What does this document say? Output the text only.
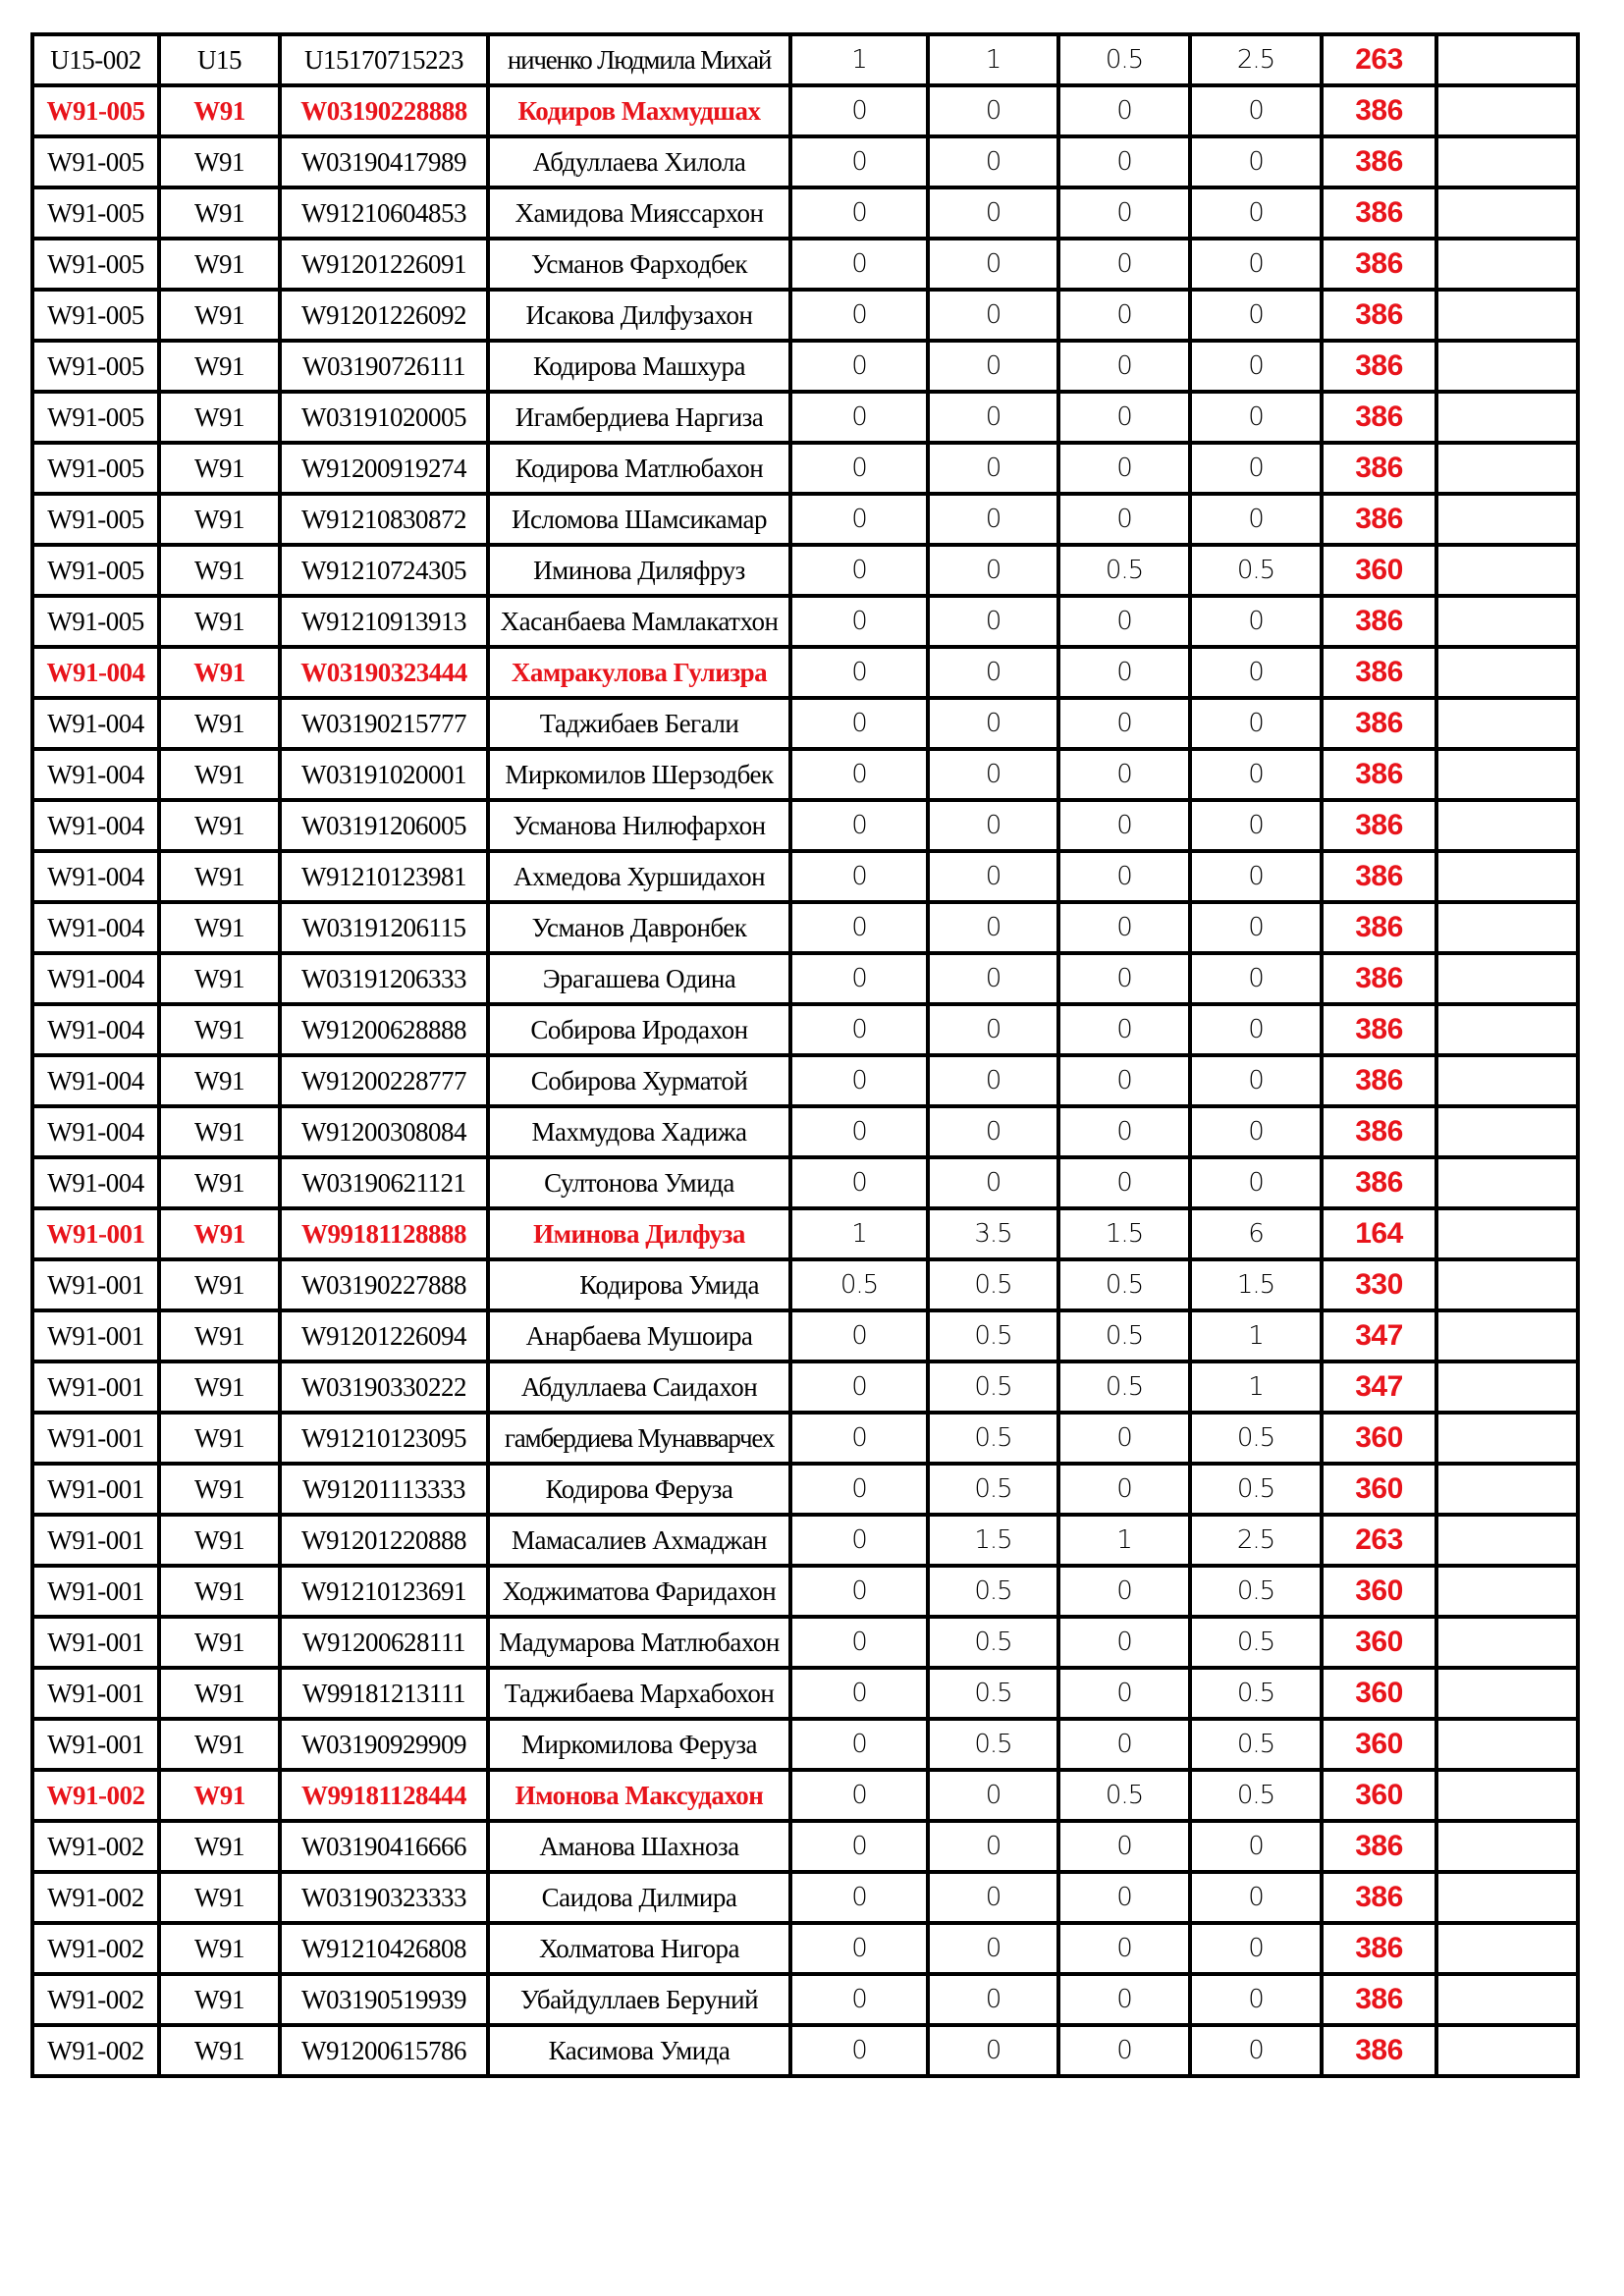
U15-002	U15	U15170715223	ниченко Людмила Михай	1	1	0.5	2.5	263	
W91-005	W91	W03190228888	Кодиров Махмудшах	0	0	0	0	386	
W91-005	W91	W03190417989	Абдуллаева Хилола	0	0	0	0	386	
W91-005	W91	W91210604853	Хамидова Мияссархон	0	0	0	0	386	
W91-005	W91	W91201226091	Усманов Фарходбек	0	0	0	0	386	
W91-005	W91	W91201226092	Исакова Дилфузахон	0	0	0	0	386	
W91-005	W91	W03190726111	Кодирова Машхура	0	0	0	0	386	
W91-005	W91	W03191020005	Игамбердиева Наргиза	0	0	0	0	386	
W91-005	W91	W91200919274	Кодирова Матлюбахон	0	0	0	0	386	
W91-005	W91	W91210830872	Исломова Шамсикамар	0	0	0	0	386	
W91-005	W91	W91210724305	Иминова Диляфруз	0	0	0.5	0.5	360	
W91-005	W91	W91210913913	Хасанбаева Мамлакатхон	0	0	0	0	386	
W91-004	W91	W03190323444	Хамракулова Гулизра	0	0	0	0	386	
W91-004	W91	W03190215777	Таджибаев Бегали	0	0	0	0	386	
W91-004	W91	W03191020001	Миркомилов Шерзодбек	0	0	0	0	386	
W91-004	W91	W03191206005	Усманова Нилюфархон	0	0	0	0	386	
W91-004	W91	W91210123981	Ахмедова Хуршидахон	0	0	0	0	386	
W91-004	W91	W03191206115	Усманов Давронбек	0	0	0	0	386	
W91-004	W91	W03191206333	Эрагашева Одина	0	0	0	0	386	
W91-004	W91	W91200628888	Собирова Иродахон	0	0	0	0	386	
W91-004	W91	W91200228777	Собирова Хурматой	0	0	0	0	386	
W91-004	W91	W91200308084	Махмудова Хадижа	0	0	0	0	386	
W91-004	W91	W03190621121	Султонова Умида	0	0	0	0	386	
W91-001	W91	W99181128888	Иминова Дилфуза	1	3.5	1.5	6	164	
W91-001	W91	W03190227888	Кодирова Умида	0.5	0.5	0.5	1.5	330	
W91-001	W91	W91201226094	Анарбаева Мушоира	0	0.5	0.5	1	347	
W91-001	W91	W03190330222	Абдуллаева Саидахон	0	0.5	0.5	1	347	
W91-001	W91	W91210123095	гамбердиева Мунавварчех	0	0.5	0	0.5	360	
W91-001	W91	W91201113333	Кодирова Феруза	0	0.5	0	0.5	360	
W91-001	W91	W91201220888	Мамасалиев Ахмаджан	0	1.5	1	2.5	263	
W91-001	W91	W91210123691	Ходжиматова Фаридахон	0	0.5	0	0.5	360	
W91-001	W91	W91200628111	Мадумарова Матлюбахон	0	0.5	0	0.5	360	
W91-001	W91	W99181213111	Таджибаева Мархабохон	0	0.5	0	0.5	360	
W91-001	W91	W03190929909	Миркомилова Феруза	0	0.5	0	0.5	360	
W91-002	W91	W99181128444	Имонова Максудахон	0	0	0.5	0.5	360	
W91-002	W91	W03190416666	Аманова Шахноза	0	0	0	0	386	
W91-002	W91	W03190323333	Саидова Дилмира	0	0	0	0	386	
W91-002	W91	W91210426808	Холматова Нигора	0	0	0	0	386	
W91-002	W91	W03190519939	Убайдуллаев Беруний	0	0	0	0	386	
W91-002	W91	W91200615786	Касимова Умида	0	0	0	0	386	
